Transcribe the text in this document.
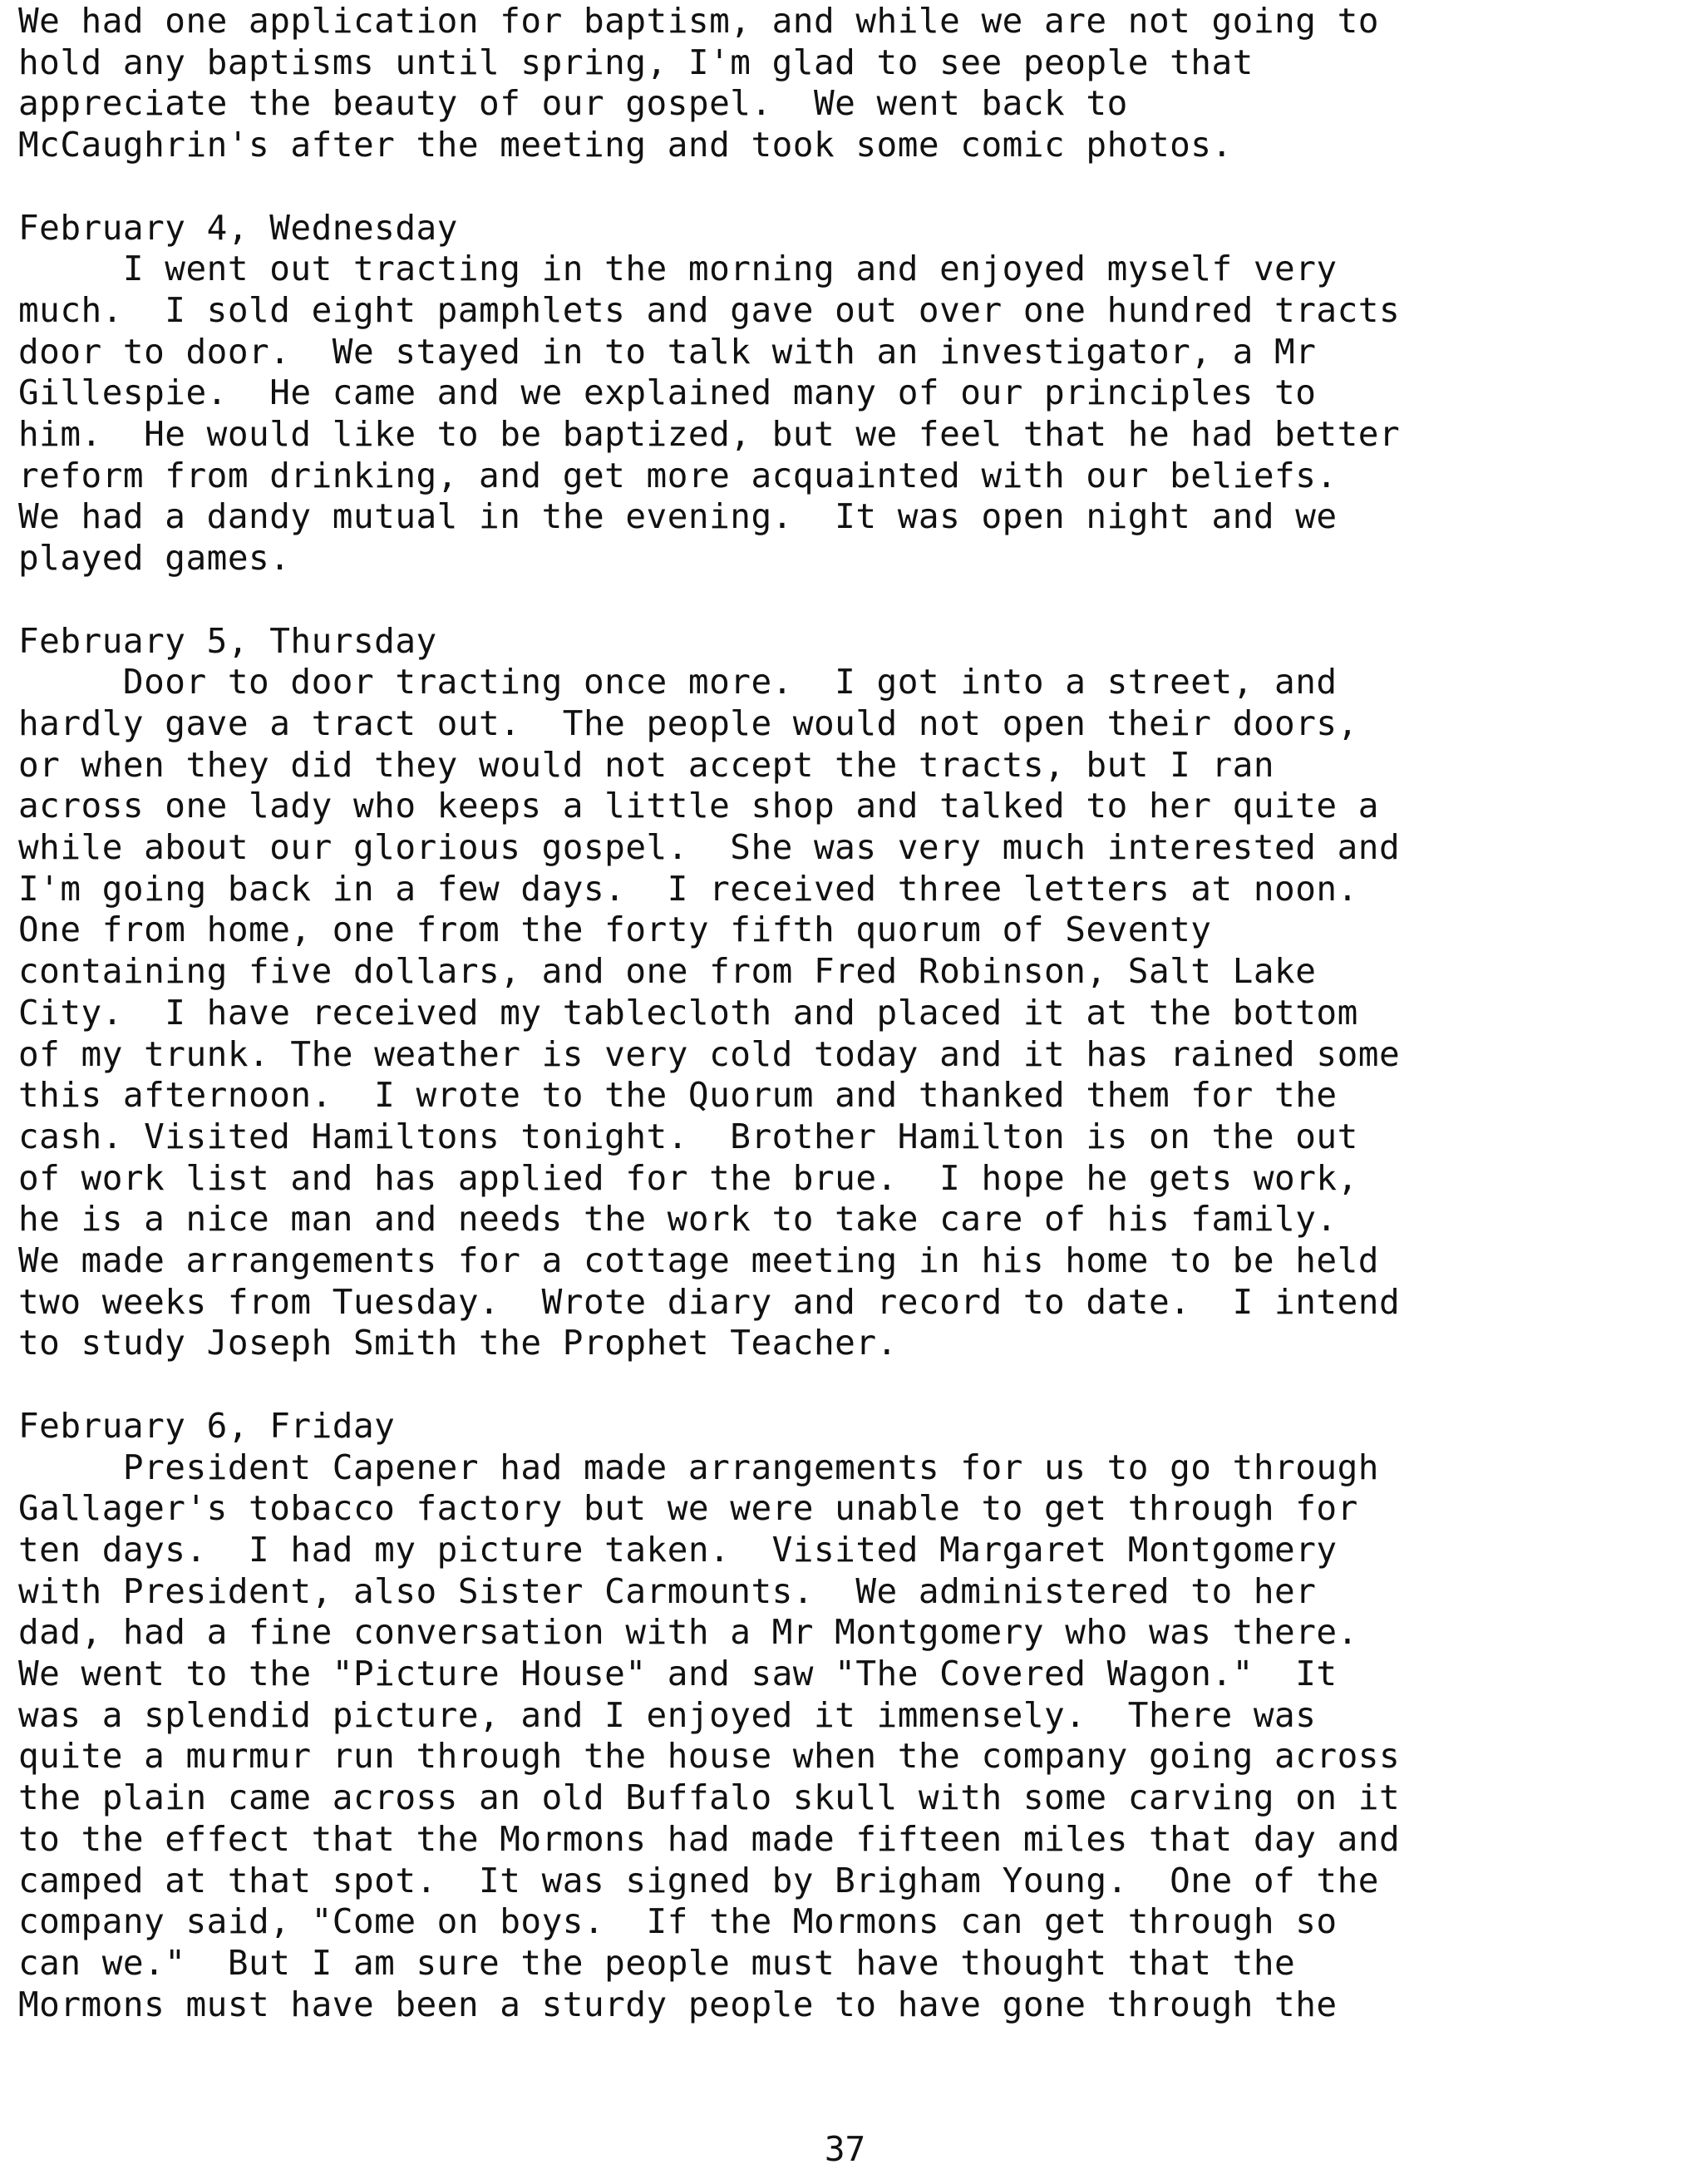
We had one application for baptism, and while we are not going to
hold any baptisms until spring, I'm glad to see people that
appreciate the beauty of our gospel.  We went back to
McCaughrin's after the meeting and took some comic photos.
February 4, Wednesday
I went out tracting in the morning and enjoyed myself very
much.  I sold eight pamphlets and gave out over one hundred tracts
door to door.  We stayed in to talk with an investigator, a Mr
Gillespie.  He came and we explained many of our principles to
him.  He would like to be baptized, but we feel that he had better
reform from drinking, and get more acquainted with our beliefs.
We had a dandy mutual in the evening.  It was open night and we
played games.
February 5, Thursday
Door to door tracting once more.  I got into a street, and
hardly gave a tract out.  The people would not open their doors,
or when they did they would not accept the tracts, but I ran
across one lady who keeps a little shop and talked to her quite a
while about our glorious gospel.  She was very much interested and
I'm going back in a few days.  I received three letters at noon.
One from home, one from the forty fifth quorum of Seventy
containing five dollars, and one from Fred Robinson, Salt Lake
City.  I have received my tablecloth and placed it at the bottom
of my trunk. The weather is very cold today and it has rained some
this afternoon.  I wrote to the Quorum and thanked them for the
cash. Visited Hamiltons tonight.  Brother Hamilton is on the out
of work list and has applied for the brue.  I hope he gets work,
he is a nice man and needs the work to take care of his family.
We made arrangements for a cottage meeting in his home to be held
two weeks from Tuesday.  Wrote diary and record to date.  I intend
to study Joseph Smith the Prophet Teacher.
February 6, Friday
President Capener had made arrangements for us to go through
Gallager's tobacco factory but we were unable to get through for
ten days.  I had my picture taken.  Visited Margaret Montgomery
with President, also Sister Carmounts.  We administered to her
dad, had a fine conversation with a Mr Montgomery who was there.
We went to the "Picture House" and saw "The Covered Wagon."  It
was a splendid picture, and I enjoyed it immensely.  There was
quite a murmur run through the house when the company going across
the plain came across an old Buffalo skull with some carving on it
to the effect that the Mormons had made fifteen miles that day and
camped at that spot.  It was signed by Brigham Young.  One of the
company said, "Come on boys.  If the Mormons can get through so
can we."  But I am sure the people must have thought that the
Mormons must have been a sturdy people to have gone through the
37
